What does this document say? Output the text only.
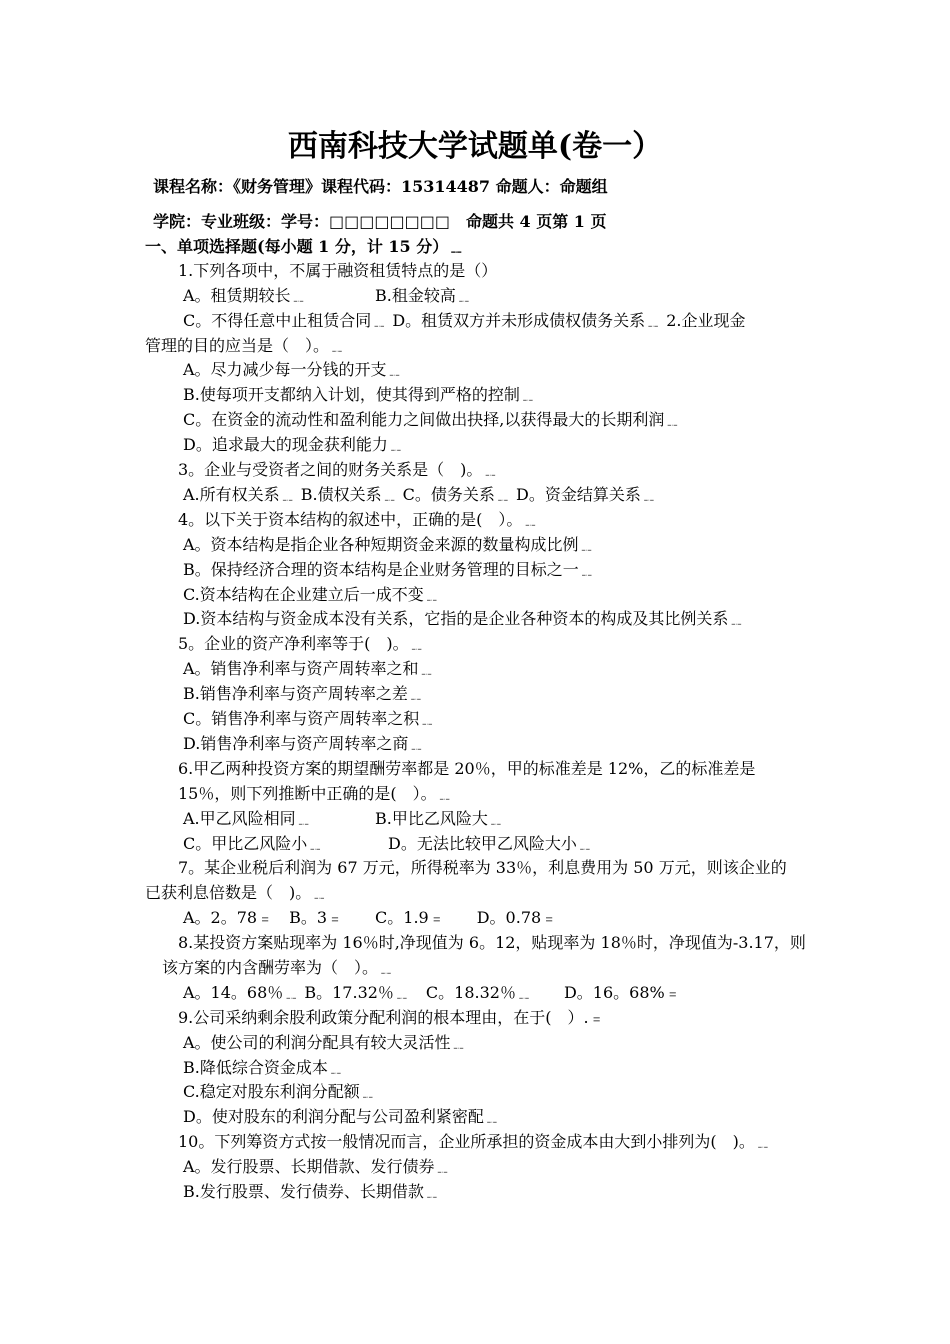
西南科技大学试题单(卷一）
课程名称：《财务管理》课程代码：15314487 命题人：命题组
学院：专业班级：学号：□□□□□□□□　命题共 4 页第 1 页
一、单项选择题(每小题 1 分，计 15 分）﹎
1.下列各项中，不属于融资租赁特点的是（）
A。租赁期较长﹎	B.租金较高﹎
C。不得任意中止租赁合同﹎ D。租赁双方并未形成债权债务关系﹎ 2.企业现金
管理的目的应当是（　）。﹎
A。尽力减少每一分钱的开支﹎
B.使每项开支都纳入计划，使其得到严格的控制﹎
C。在资金的流动性和盈利能力之间做出抉择,以获得最大的长期利润﹎
D。追求最大的现金获利能力﹎
3。企业与受资者之间的财务关系是（　)。﹎
A.所有权关系﹎ B.债权关系﹎ C。债务关系﹎ D。资金结算关系﹎
4。以下关于资本结构的叙述中，正确的是(　）。﹎
A。资本结构是指企业各种短期资金来源的数量构成比例﹎
B。保持经济合理的资本结构是企业财务管理的目标之一﹎
C.资本结构在企业建立后一成不变﹎
D.资本结构与资金成本没有关系，它指的是企业各种资本的构成及其比例关系﹎
5。企业的资产净利率等于(　)。﹎
A。销售净利率与资产周转率之和﹎
B.销售净利率与资产周转率之差﹎
C。销售净利率与资产周转率之积﹎
D.销售净利率与资产周转率之商﹎
6.甲乙两种投资方案的期望酬劳率都是 20％，甲的标准差是 12%，乙的标准差是
15％，则下列推断中正确的是(　）。﹎
A.甲乙风险相同﹎	B.甲比乙风险大﹎
C。甲比乙风险小﹎	D。无法比较甲乙风险大小﹎
7。某企业税后利润为 67 万元，所得税率为 33％，利息费用为 50 万元，则该企业的
已获利息倍数是（　)。﹎
A。2。78﹦　B。3﹦　　C。1.9﹦　　D。0.78﹦
8.某投资方案贴现率为 16％时,净现值为 6。12，贴现率为 18％时，净现值为-3.17，则
该方案的内含酬劳率为（　）。﹎
A。14。68％﹎ B。17.32％﹎　C。18.32％﹎　　D。16。68%﹦
9.公司采纳剩余股利政策分配利润的根本理由，在于(　）.﹦
A。使公司的利润分配具有较大灵活性﹎
B.降低综合资金成本﹎
C.稳定对股东利润分配额﹎
D。使对股东的利润分配与公司盈利紧密配﹎
10。下列筹资方式按一般情况而言，企业所承担的资金成本由大到小排列为(　)。﹎
A。发行股票、长期借款、发行债券﹎
B.发行股票、发行债券、长期借款﹎
